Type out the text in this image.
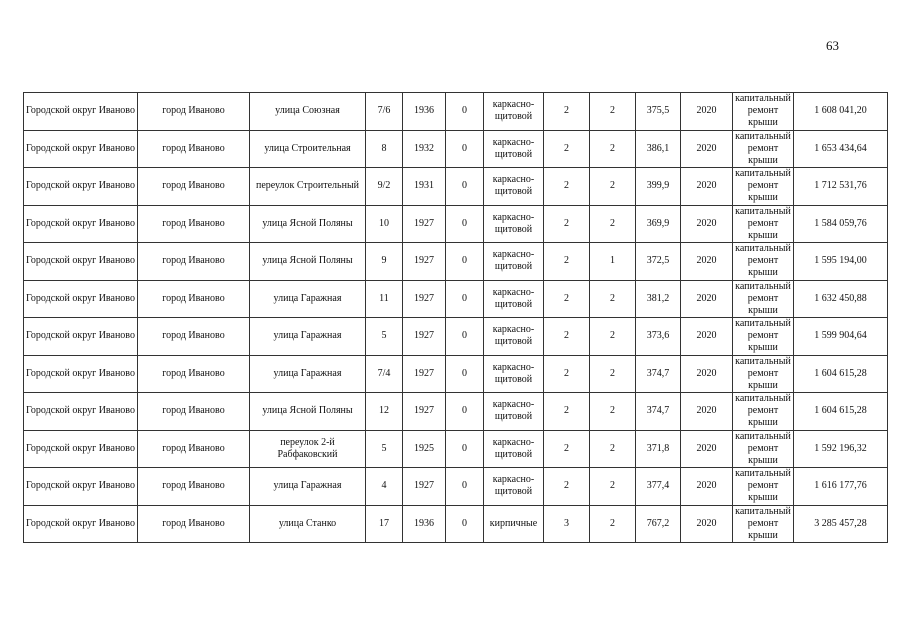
63
Городской округ Иваново	город Иваново	улица Союзная	7/6	1936	0	каркасно-щитовой	2	2	375,5	2020	капитальный ремонт крыши	1 608 041,20
Городской округ Иваново	город Иваново	улица Строительная	8	1932	0	каркасно-щитовой	2	2	386,1	2020	капитальный ремонт крыши	1 653 434,64
Городской округ Иваново	город Иваново	переулок Строительный	9/2	1931	0	каркасно-щитовой	2	2	399,9	2020	капитальный ремонт крыши	1 712 531,76
Городской округ Иваново	город Иваново	улица Ясной Поляны	10	1927	0	каркасно-щитовой	2	2	369,9	2020	капитальный ремонт крыши	1 584 059,76
Городской округ Иваново	город Иваново	улица Ясной Поляны	9	1927	0	каркасно-щитовой	2	1	372,5	2020	капитальный ремонт крыши	1 595 194,00
Городской округ Иваново	город Иваново	улица Гаражная	11	1927	0	каркасно-щитовой	2	2	381,2	2020	капитальный ремонт крыши	1 632 450,88
Городской округ Иваново	город Иваново	улица Гаражная	5	1927	0	каркасно-щитовой	2	2	373,6	2020	капитальный ремонт крыши	1 599 904,64
Городской округ Иваново	город Иваново	улица Гаражная	7/4	1927	0	каркасно-щитовой	2	2	374,7	2020	капитальный ремонт крыши	1 604 615,28
Городской округ Иваново	город Иваново	улица Ясной Поляны	12	1927	0	каркасно-щитовой	2	2	374,7	2020	капитальный ремонт крыши	1 604 615,28
Городской округ Иваново	город Иваново	переулок 2-й Рабфаковский	5	1925	0	каркасно-щитовой	2	2	371,8	2020	капитальный ремонт крыши	1 592 196,32
Городской округ Иваново	город Иваново	улица Гаражная	4	1927	0	каркасно-щитовой	2	2	377,4	2020	капитальный ремонт крыши	1 616 177,76
Городской округ Иваново	город Иваново	улица Станко	17	1936	0	кирпичные	3	2	767,2	2020	капитальный ремонт крыши	3 285 457,28
